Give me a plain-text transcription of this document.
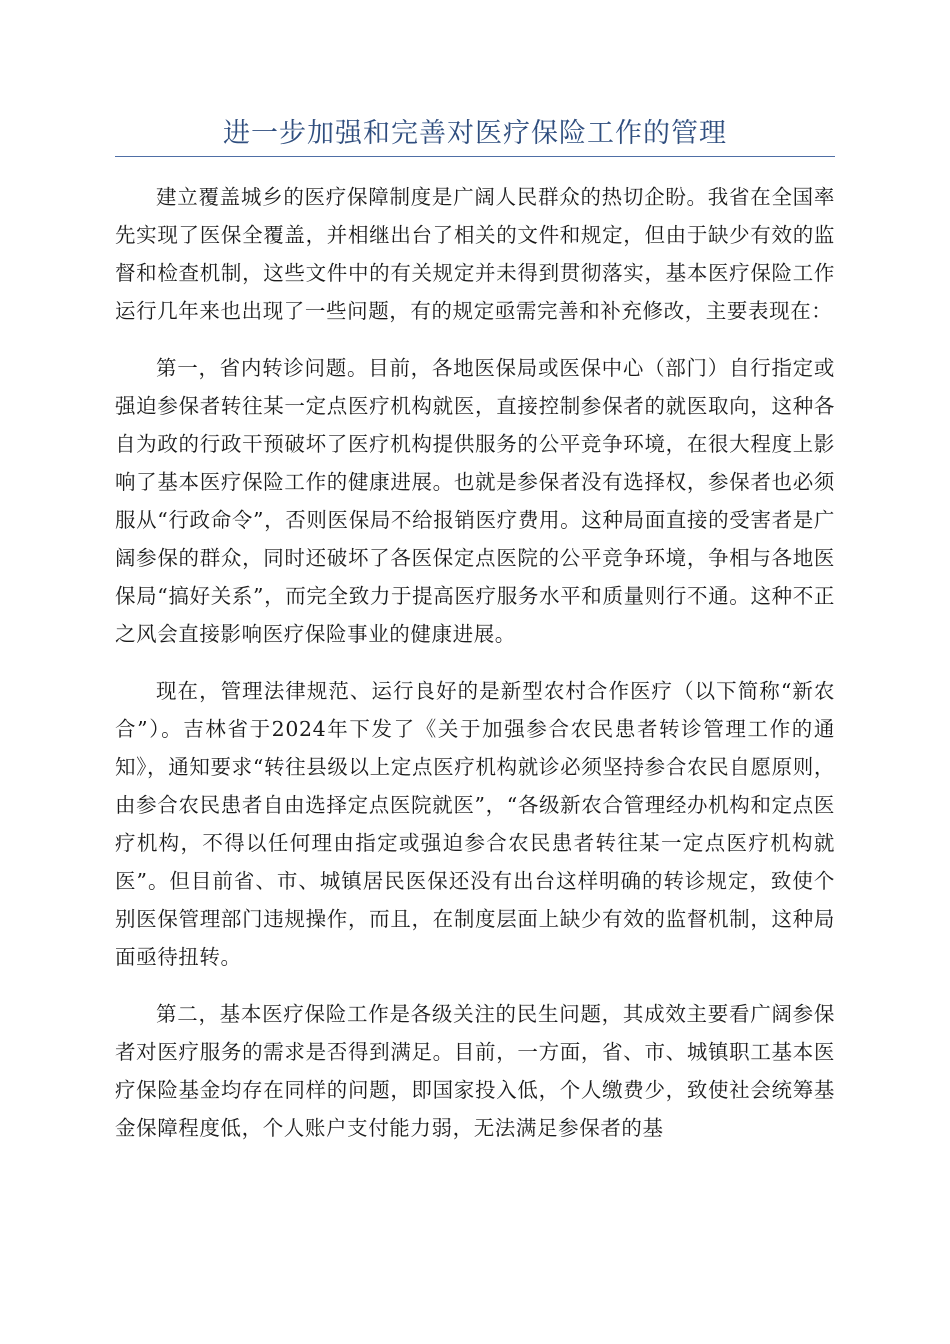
进一步加强和完善对医疗保险工作的管理

建立覆盖城乡的医疗保障制度是广阔人民群众的热切企盼。我省在全国率先实现了医保全覆盖，并相继出台了相关的文件和规定，但由于缺少有效的监督和检查机制，这些文件中的有关规定并未得到贯彻落实，基本医疗保险工作运行几年来也出现了一些问题，有的规定亟需完善和补充修改，主要表现在：

第一，省内转诊问题。目前，各地医保局或医保中心（部门）自行指定或强迫参保者转往某一定点医疗机构就医，直接控制参保者的就医取向，这种各自为政的行政干预破坏了医疗机构提供服务的公平竞争环境，在很大程度上影响了基本医疗保险工作的健康进展。也就是参保者没有选择权，参保者也必须服从“行政命令”，否则医保局不给报销医疗费用。这种局面直接的受害者是广阔参保的群众，同时还破坏了各医保定点医院的公平竞争环境，争相与各地医保局“搞好关系”，而完全致力于提高医疗服务水平和质量则行不通。这种不正之风会直接影响医疗保险事业的健康进展。

现在，管理法律规范、运行良好的是新型农村合作医疗（以下简称“新农合”）。吉林省于2024年下发了《关于加强参合农民患者转诊管理工作的通知》，通知要求“转往县级以上定点医疗机构就诊必须坚持参合农民自愿原则，由参合农民患者自由选择定点医院就医”，“各级新农合管理经办机构和定点医疗机构，不得以任何理由指定或强迫参合农民患者转往某一定点医疗机构就医”。但目前省、市、城镇居民医保还没有出台这样明确的转诊规定，致使个别医保管理部门违规操作，而且，在制度层面上缺少有效的监督机制，这种局面亟待扭转。

第二，基本医疗保险工作是各级关注的民生问题，其成效主要看广阔参保者对医疗服务的需求是否得到满足。目前，一方面，省、市、城镇职工基本医疗保险基金均存在同样的问题，即国家投入低，个人缴费少，致使社会统筹基金保障程度低，个人账户支付能力弱，无法满足参保者的基
